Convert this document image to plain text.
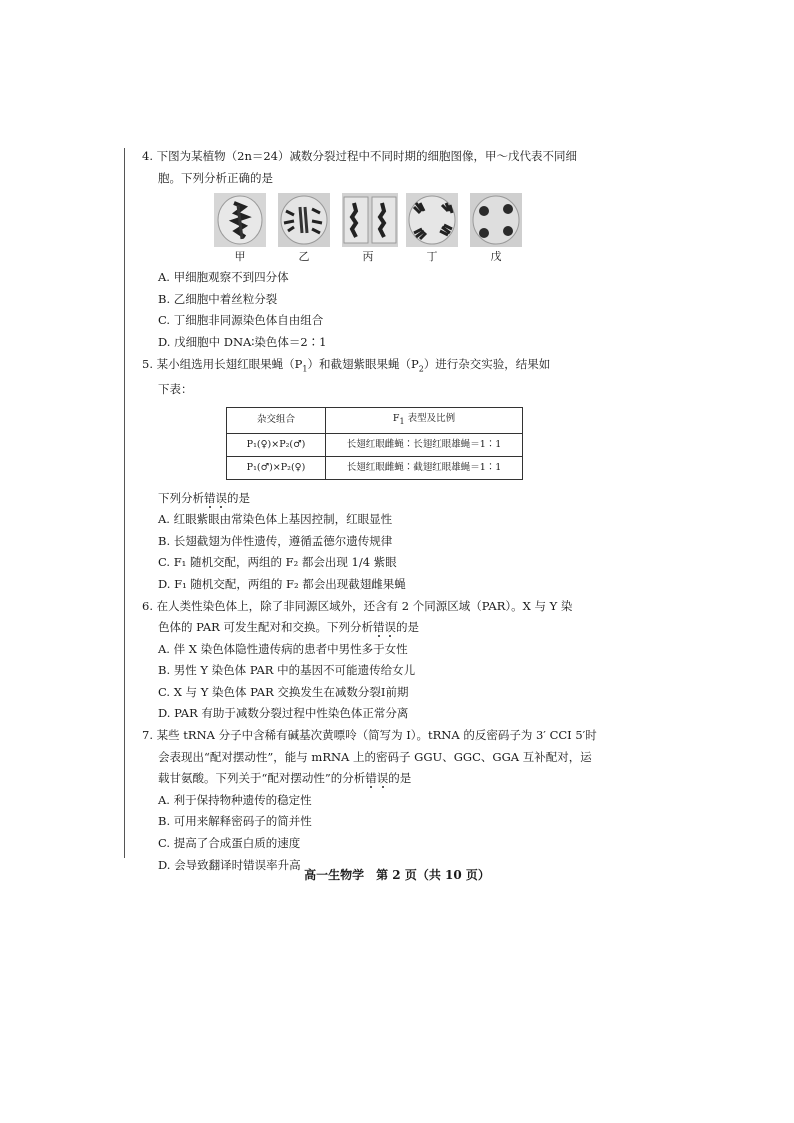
4. 下图为某植物（2n＝24）减数分裂过程中不同时期的细胞图像，甲～戊代表不同细
胞。下列分析正确的是
甲	乙	丙	丁	戊
A. 甲细胞观察不到四分体
B. 乙细胞中着丝粒分裂
C. 丁细胞非同源染色体自由组合
D. 戊细胞中 DNA∶染色体＝2∶1
5. 某小组选用长翅红眼果蝇$(P_1)$和截翅紫眼果蝇$(P_2)$进行杂交实验，结果如
下表：
杂交组合	$F_1$ 表型及比例
P₁(♀)×P₂(♂)	长翅红眼雌蝇∶长翅红眼雄蝇＝1∶1
P₁(♂)×P₂(♀)	长翅红眼雌蝇∶截翅红眼雄蝇＝1∶1
下列分析错误的是
A. 红眼紫眼由常染色体上基因控制，红眼显性
B. 长翅截翅为伴性遗传，遵循孟德尔遗传规律
C. F₁ 随机交配，两组的 F₂ 都会出现 1/4 紫眼
D. F₁ 随机交配，两组的 F₂ 都会出现截翅雌果蝇
6. 在人类性染色体上，除了非同源区域外，还含有 2 个同源区域（PAR）。X 与 Y 染
色体的 PAR 可发生配对和交换。下列分析错误的是
A. 伴 X 染色体隐性遗传病的患者中男性多于女性
B. 男性 Y 染色体 PAR 中的基因不可能遗传给女儿
C. X 与 Y 染色体 PAR 交换发生在减数分裂Ⅰ前期
D. PAR 有助于减数分裂过程中性染色体正常分离
7. 某些 tRNA 分子中含稀有碱基次黄嘌呤（简写为 I）。tRNA 的反密码子为 3′ CCI 5′时
会表现出“配对摆动性”，能与 mRNA 上的密码子 GGU、GGC、GGA 互补配对，运
载甘氨酸。下列关于“配对摆动性”的分析错误的是
A. 利于保持物种遗传的稳定性
B. 可用来解释密码子的简并性
C. 提高了合成蛋白质的速度
D. 会导致翻译时错误率升高
高一生物学　第 2 页（共 10 页）
